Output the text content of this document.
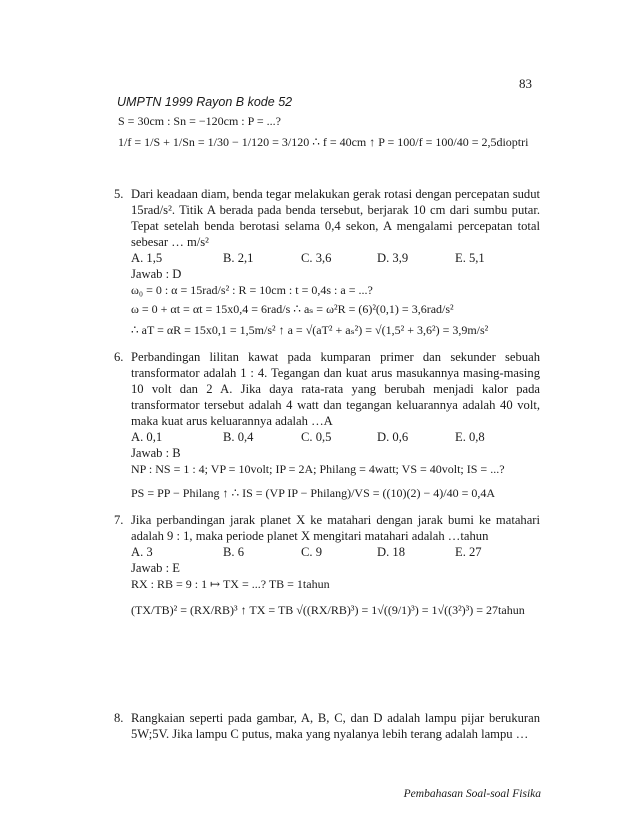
83
UMPTN 1999 Rayon B kode 52
S = 30cm : Sn = −120cm : P = ...?
1/f = 1/S + 1/Sn = 1/30 − 1/120 = 3/120 ∴ f = 40cm ↑ P = 100/f = 100/40 = 2,5dioptri
5. Dari keadaan diam, benda tegar melakukan gerak rotasi dengan percepatan sudut 15rad/s². Titik A berada pada benda tersebut, berjarak 10 cm dari sumbu putar. Tepat setelah benda berotasi selama 0,4 sekon, A mengalami percepatan total sebesar … m/s²
A. 1,5	B. 2,1	C. 3,6	D. 3,9	E. 5,1
Jawab : D
ω₀ = 0 : α = 15rad/s² : R = 10cm : t = 0,4s : a = ...?
ω = 0 + αt = αt = 15x0,4 = 6rad/s ∴ aₛ = ω²R = (6)²(0,1) = 3,6rad/s²
∴ aT = αR = 15x0,1 = 1,5m/s² ↑ a = √(aT² + aₛ²) = √(1,5² + 3,6²) = 3,9m/s²
6. Perbandingan lilitan kawat pada kumparan primer dan sekunder sebuah transformator adalah 1 : 4. Tegangan dan kuat arus masukannya masing-masing 10 volt dan 2 A. Jika daya rata-rata yang berubah menjadi kalor pada transformator tersebut adalah 4 watt dan tegangan keluarannya adalah 40 volt, maka kuat arus keluarannya adalah …A
A. 0,1	B. 0,4	C. 0,5	D. 0,6	E. 0,8
Jawab : B
NP : NS = 1 : 4; VP = 10volt; IP = 2A; Philang = 4watt; VS = 40volt; IS = ...?
PS = PP − Philang ↑ ∴ IS = (VP IP − Philang)/VS = ((10)(2) − 4)/40 = 0,4A
7. Jika perbandingan jarak planet X ke matahari dengan jarak bumi ke matahari adalah 9 : 1, maka periode planet X mengitari matahari adalah …tahun
A. 3	B. 6	C. 9	D. 18	E. 27
Jawab : E
RX : RB = 9 : 1 ↦ TX = ...? TB = 1tahun
(TX/TB)² = (RX/RB)³ ↑ TX = TB √((RX/RB)³) = 1√((9/1)³) = 1√((3²)³) = 27tahun
8. Rangkaian seperti pada gambar, A, B, C, dan D adalah lampu pijar berukuran 5W;5V. Jika lampu C putus, maka yang nyalanya lebih terang adalah lampu …
Pembahasan Soal-soal Fisika
